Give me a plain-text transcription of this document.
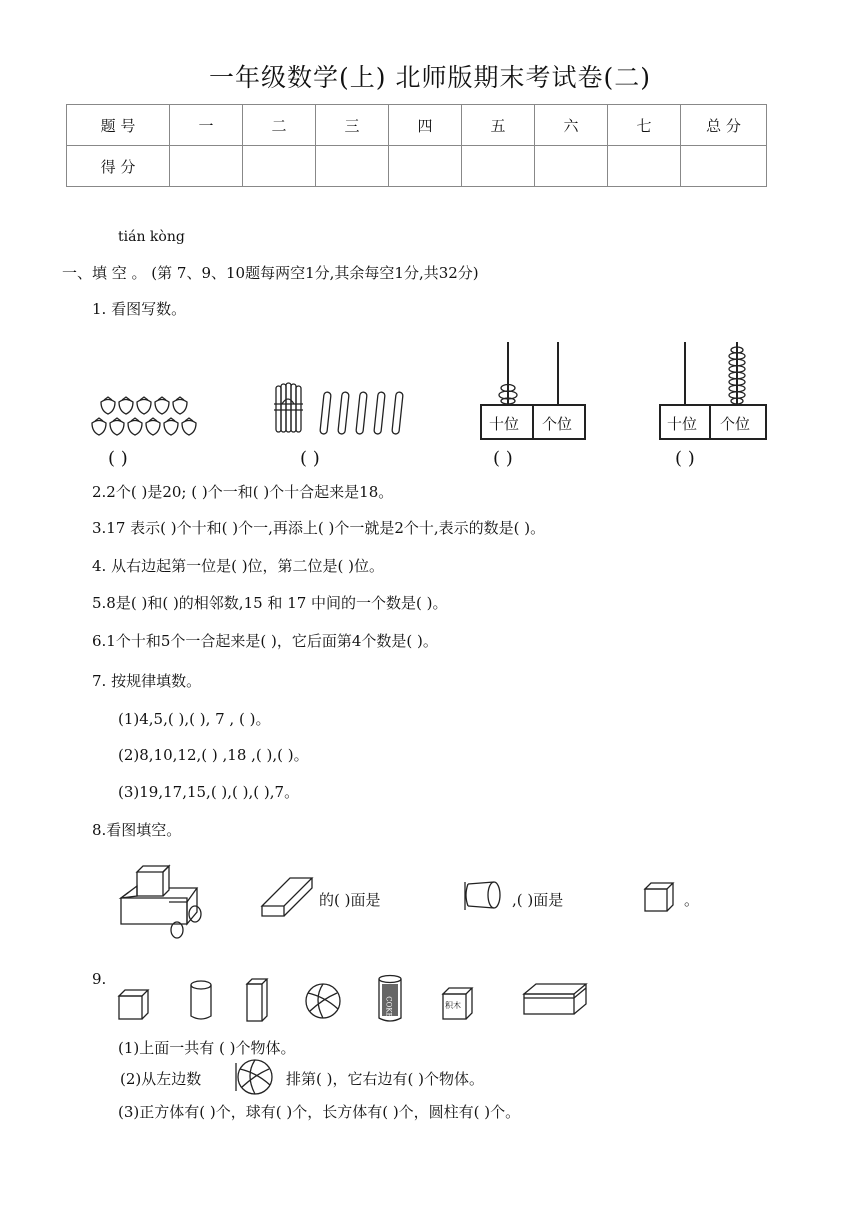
一年级数学(上) 北师版期末考试卷(二)
题 号	一	二	三	四	五	六	七	总 分
得 分								
tián kòng
一、填 空 。 (第 7、9、10题每两空1分,其余每空1分,共32分)
1. 看图写数。
十位 个位	十位 个位
( )	( )	( )	( )
2.2个( )是20; ( )个一和( )个十合起来是18。
3.17 表示( )个十和( )个一,再添上( )个一就是2个十,表示的数是( )。
4. 从右边起第一位是( )位，第二位是( )位。
5.8是( )和( )的相邻数,15 和 17 中间的一个数是( )。
6.1个十和5个一合起来是( )，它后面第4个数是( )。
7. 按规律填数。
(1)4,5,( ),( ), 7 , ( )。
(2)8,10,12,( ) ,18 ,( ),( )。
(3)19,17,15,( ),( ),( ),7。
8.看图填空。
的( )面是	,( )面是	。
9.
COKE	积木
(1)上面一共有 ( )个物体。
(2)从左边数	排第( )，它右边有( )个物体。
(3)正方体有( )个，球有( )个，长方体有( )个，圆柱有( )个。
